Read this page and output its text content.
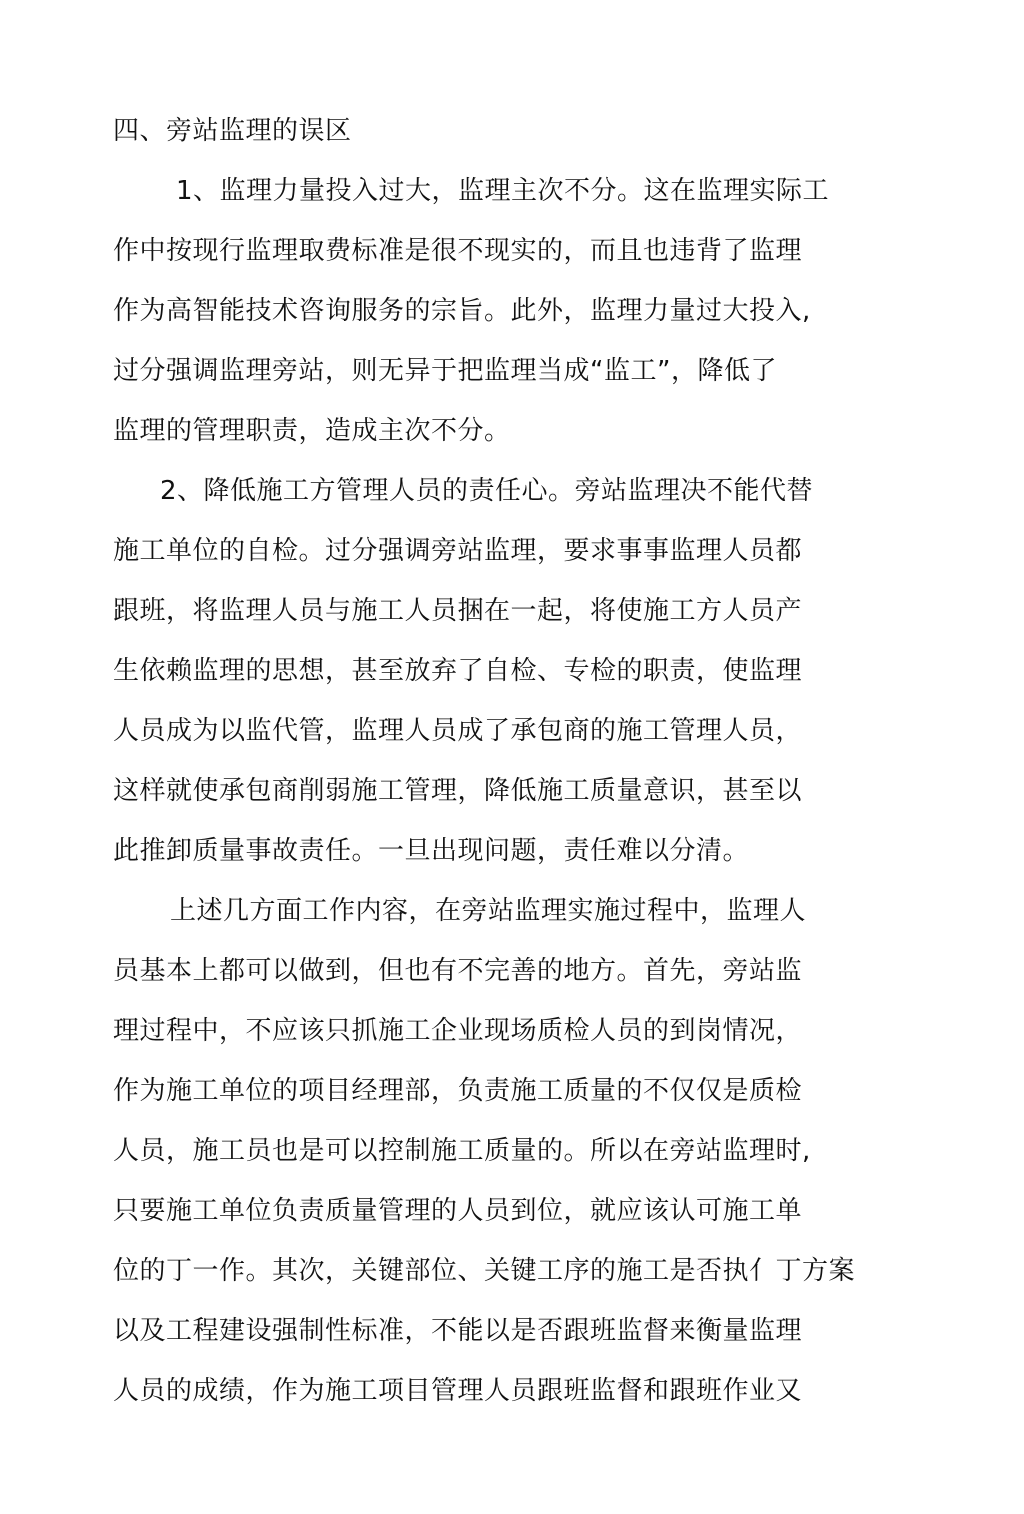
四、旁站监理的误区
1、监理力量投入过大，监理主次不分。这在监理实际工
作中按现行监理取费标准是很不现实的，而且也违背了监理
作为高智能技术咨询服务的宗旨。此外，监理力量过大投入,
过分强调监理旁站，则无异于把监理当成“监工”，降低了
监理的管理职责，造成主次不分。
2、降低施工方管理人员的责任心。旁站监理决不能代替
施工单位的自检。过分强调旁站监理，要求事事监理人员都
跟班，将监理人员与施工人员捆在一起，将使施工方人员产
生依赖监理的思想，甚至放弃了自检、专检的职责，使监理
人员成为以监代管，监理人员成了承包商的施工管理人员，
这样就使承包商削弱施工管理，降低施工质量意识，甚至以
此推卸质量事故责任。一旦出现问题，责任难以分清。
上述几方面工作内容，在旁站监理实施过程中，监理人
员基本上都可以做到，但也有不完善的地方。首先，旁站监
理过程中，不应该只抓施工企业现场质检人员的到岗情况，
作为施工单位的项目经理部，负责施工质量的不仅仅是质检
人员，施工员也是可以控制施工质量的。所以在旁站监理时,
只要施工单位负责质量管理的人员到位，就应该认可施工单
位的丁一作。其次，关键部位、关键工序的施工是否执亻丁方案
以及工程建设强制性标准，不能以是否跟班监督来衡量监理
人员的成绩，作为施工项目管理人员跟班监督和跟班作业又
